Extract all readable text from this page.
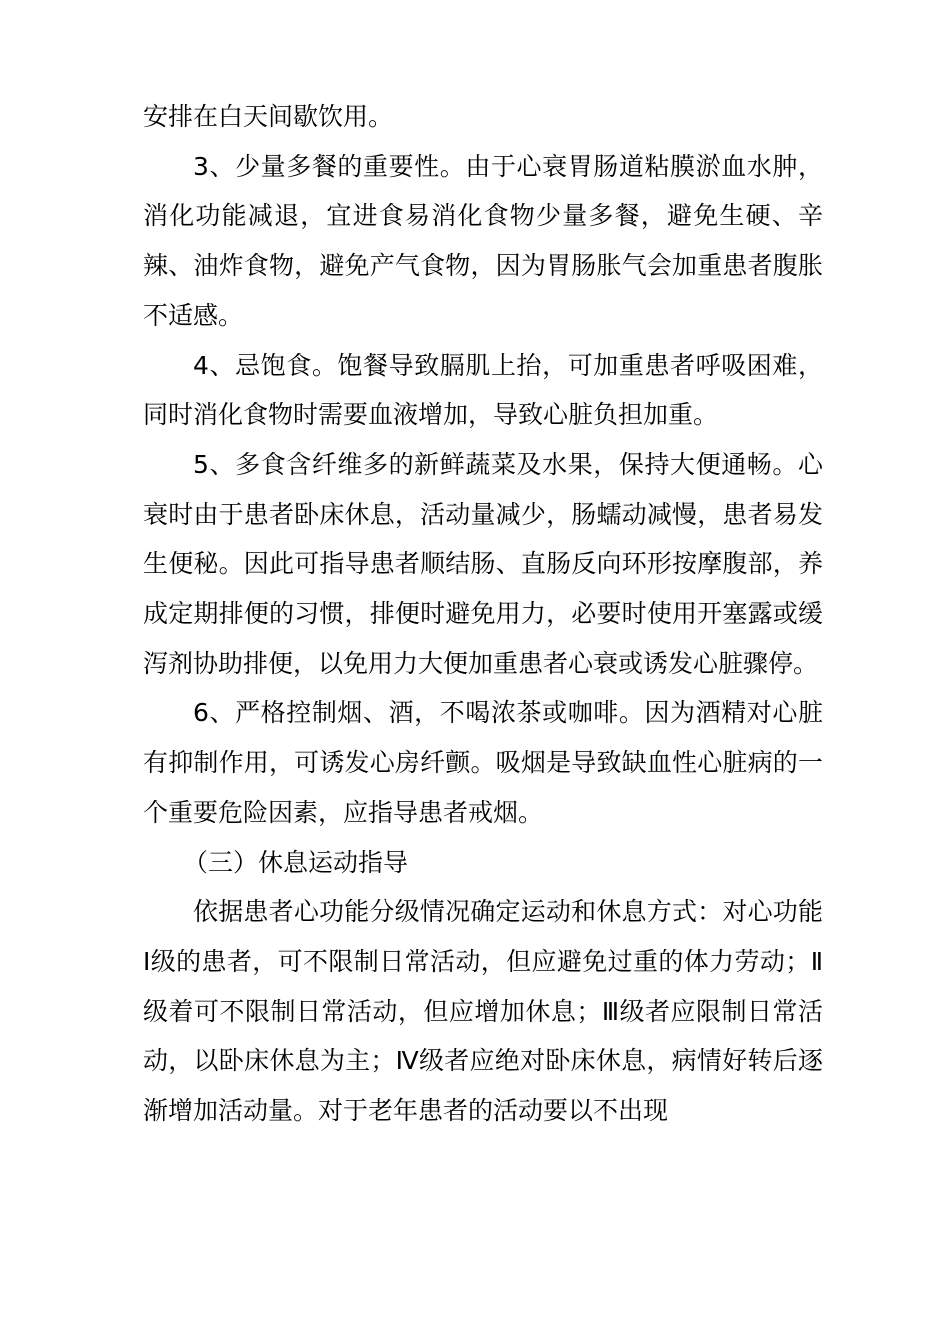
安排在白天间歇饮用。

3、少量多餐的重要性。由于心衰胃肠道粘膜淤血水肿，消化功能减退，宜进食易消化食物少量多餐，避免生硬、辛辣、油炸食物，避免产气食物，因为胃肠胀气会加重患者腹胀不适感。

4、忌饱食。饱餐导致膈肌上抬，可加重患者呼吸困难，同时消化食物时需要血液增加，导致心脏负担加重。

5、多食含纤维多的新鲜蔬菜及水果，保持大便通畅。心衰时由于患者卧床休息，活动量减少，肠蠕动减慢，患者易发生便秘。因此可指导患者顺结肠、直肠反向环形按摩腹部，养成定期排便的习惯，排便时避免用力，必要时使用开塞露或缓泻剂协助排便，以免用力大便加重患者心衰或诱发心脏骤停。

6、严格控制烟、酒，不喝浓茶或咖啡。因为酒精对心脏有抑制作用，可诱发心房纤颤。吸烟是导致缺血性心脏病的一个重要危险因素，应指导患者戒烟。

（三）休息运动指导

依据患者心功能分级情况确定运动和休息方式：对心功能Ⅰ级的患者，可不限制日常活动，但应避免过重的体力劳动；Ⅱ级着可不限制日常活动，但应增加休息；Ⅲ级者应限制日常活动，以卧床休息为主；Ⅳ级者应绝对卧床休息，病情好转后逐渐增加活动量。对于老年患者的活动要以不出现
